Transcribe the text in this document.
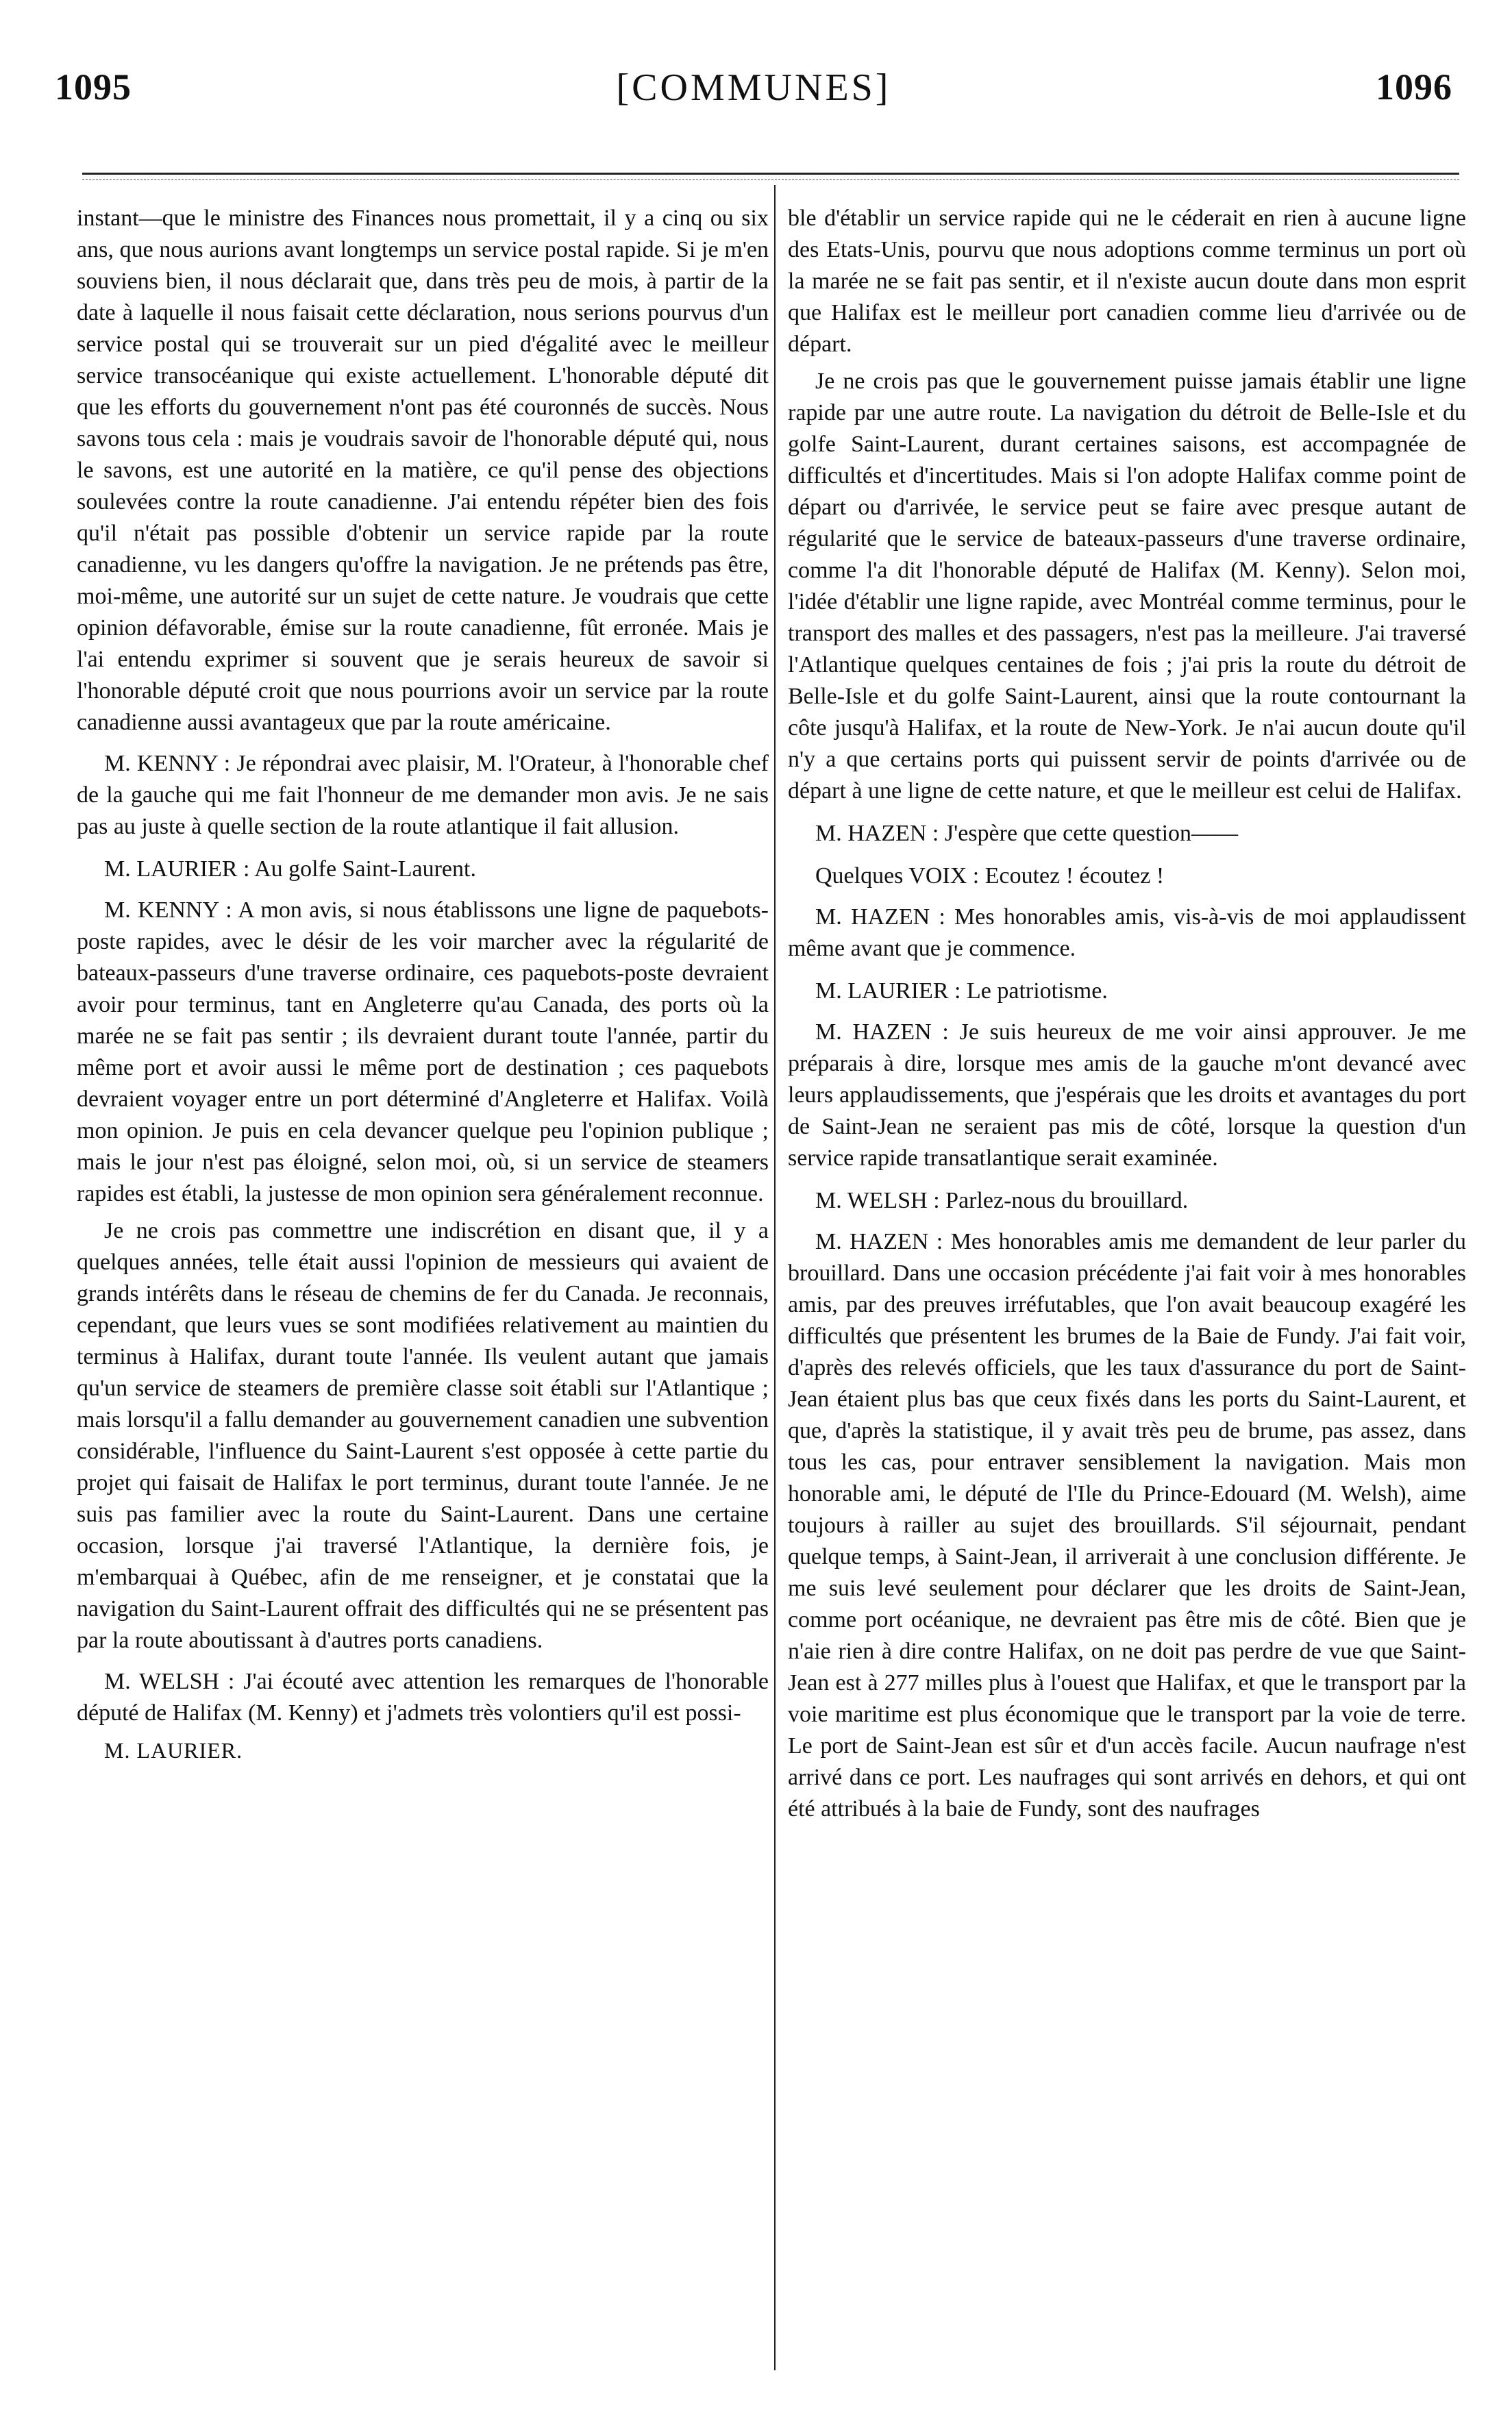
1095	[COMMUNES]	1096

instant—que le ministre des Finances nous promettait, il y a cinq ou six ans, que nous aurions avant longtemps un service postal rapide. Si je m'en souviens bien, il nous déclarait que, dans très peu de mois, à partir de la date à laquelle il nous faisait cette déclaration, nous serions pourvus d'un service postal qui se trouverait sur un pied d'égalité avec le meilleur service transocéanique qui existe actuellement. L'honorable député dit que les efforts du gouvernement n'ont pas été couronnés de succès. Nous savons tous cela : mais je voudrais savoir de l'honorable député qui, nous le savons, est une autorité en la matière, ce qu'il pense des objections soulevées contre la route canadienne. J'ai entendu répéter bien des fois qu'il n'était pas possible d'obtenir un service rapide par la route canadienne, vu les dangers qu'offre la navigation. Je ne prétends pas être, moi-même, une autorité sur un sujet de cette nature. Je voudrais que cette opinion défavorable, émise sur la route canadienne, fût erronée. Mais je l'ai entendu exprimer si souvent que je serais heureux de savoir si l'honorable député croit que nous pourrions avoir un service par la route canadienne aussi avantageux que par la route américaine.

M. KENNY : Je répondrai avec plaisir, M. l'Orateur, à l'honorable chef de la gauche qui me fait l'honneur de me demander mon avis. Je ne sais pas au juste à quelle section de la route atlantique il fait allusion.

M. LAURIER : Au golfe Saint-Laurent.

M. KENNY : A mon avis, si nous établissons une ligne de paquebots-poste rapides, avec le désir de les voir marcher avec la régularité de bateaux-passeurs d'une traverse ordinaire, ces paquebots-poste devraient avoir pour terminus, tant en Angleterre qu'au Canada, des ports où la marée ne se fait pas sentir ; ils devraient durant toute l'année, partir du même port et avoir aussi le même port de destination ; ces paquebots devraient voyager entre un port déterminé d'Angleterre et Halifax. Voilà mon opinion. Je puis en cela devancer quelque peu l'opinion publique ; mais le jour n'est pas éloigné, selon moi, où, si un service de steamers rapides est établi, la justesse de mon opinion sera généralement reconnue.

Je ne crois pas commettre une indiscrétion en disant que, il y a quelques années, telle était aussi l'opinion de messieurs qui avaient de grands intérêts dans le réseau de chemins de fer du Canada. Je reconnais, cependant, que leurs vues se sont modifiées relativement au maintien du terminus à Halifax, durant toute l'année. Ils veulent autant que jamais qu'un service de steamers de première classe soit établi sur l'Atlantique ; mais lorsqu'il a fallu demander au gouvernement canadien une subvention considérable, l'influence du Saint-Laurent s'est opposée à cette partie du projet qui faisait de Halifax le port terminus, durant toute l'année. Je ne suis pas familier avec la route du Saint-Laurent. Dans une certaine occasion, lorsque j'ai traversé l'Atlantique, la dernière fois, je m'embarquai à Québec, afin de me renseigner, et je constatai que la navigation du Saint-Laurent offrait des difficultés qui ne se présentent pas par la route aboutissant à d'autres ports canadiens.

M. WELSH : J'ai écouté avec attention les remarques de l'honorable député de Halifax (M. Kenny) et j'admets très volontiers qu'il est possi-

M. LAURIER.

ble d'établir un service rapide qui ne le céderait en rien à aucune ligne des Etats-Unis, pourvu que nous adoptions comme terminus un port où la marée ne se fait pas sentir, et il n'existe aucun doute dans mon esprit que Halifax est le meilleur port canadien comme lieu d'arrivée ou de départ.

Je ne crois pas que le gouvernement puisse jamais établir une ligne rapide par une autre route. La navigation du détroit de Belle-Isle et du golfe Saint-Laurent, durant certaines saisons, est accompagnée de difficultés et d'incertitudes. Mais si l'on adopte Halifax comme point de départ ou d'arrivée, le service peut se faire avec presque autant de régularité que le service de bateaux-passeurs d'une traverse ordinaire, comme l'a dit l'honorable député de Halifax (M. Kenny). Selon moi, l'idée d'établir une ligne rapide, avec Montréal comme terminus, pour le transport des malles et des passagers, n'est pas la meilleure. J'ai traversé l'Atlantique quelques centaines de fois ; j'ai pris la route du détroit de Belle-Isle et du golfe Saint-Laurent, ainsi que la route contournant la côte jusqu'à Halifax, et la route de New-York. Je n'ai aucun doute qu'il n'y a que certains ports qui puissent servir de points d'arrivée ou de départ à une ligne de cette nature, et que le meilleur est celui de Halifax.

M. HAZEN : J'espère que cette question——

Quelques VOIX : Ecoutez ! écoutez !

M. HAZEN : Mes honorables amis, vis-à-vis de moi applaudissent même avant que je commence.

M. LAURIER : Le patriotisme.

M. HAZEN : Je suis heureux de me voir ainsi approuver. Je me préparais à dire, lorsque mes amis de la gauche m'ont devancé avec leurs applaudissements, que j'espérais que les droits et avantages du port de Saint-Jean ne seraient pas mis de côté, lorsque la question d'un service rapide transatlantique serait examinée.

M. WELSH : Parlez-nous du brouillard.

M. HAZEN : Mes honorables amis me demandent de leur parler du brouillard. Dans une occasion précédente j'ai fait voir à mes honorables amis, par des preuves irréfutables, que l'on avait beaucoup exagéré les difficultés que présentent les brumes de la Baie de Fundy. J'ai fait voir, d'après des relevés officiels, que les taux d'assurance du port de Saint-Jean étaient plus bas que ceux fixés dans les ports du Saint-Laurent, et que, d'après la statistique, il y avait très peu de brume, pas assez, dans tous les cas, pour entraver sensiblement la navigation. Mais mon honorable ami, le député de l'Ile du Prince-Edouard (M. Welsh), aime toujours à railler au sujet des brouillards. S'il séjournait, pendant quelque temps, à Saint-Jean, il arriverait à une conclusion différente. Je me suis levé seulement pour déclarer que les droits de Saint-Jean, comme port océanique, ne devraient pas être mis de côté. Bien que je n'aie rien à dire contre Halifax, on ne doit pas perdre de vue que Saint-Jean est à 277 milles plus à l'ouest que Halifax, et que le transport par la voie maritime est plus économique que le transport par la voie de terre. Le port de Saint-Jean est sûr et d'un accès facile. Aucun naufrage n'est arrivé dans ce port. Les naufrages qui sont arrivés en dehors, et qui ont été attribués à la baie de Fundy, sont des naufrages
